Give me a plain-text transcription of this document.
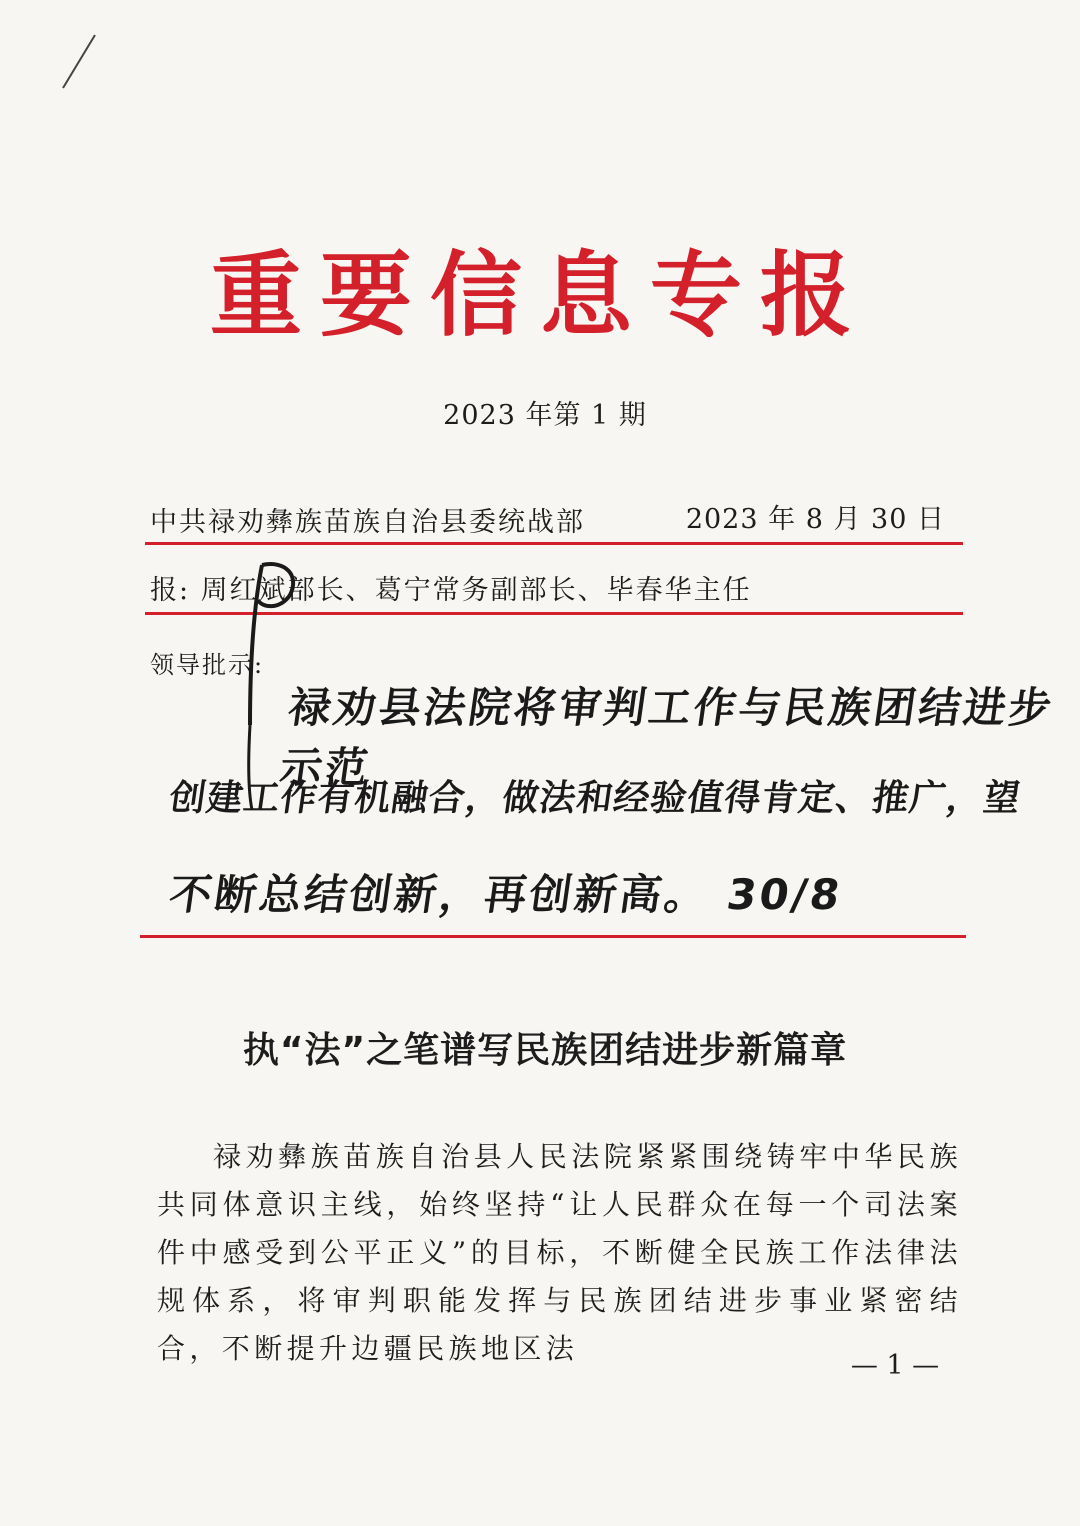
重要信息专报
2023 年第 1 期
中共禄劝彝族苗族自治县委统战部	2023 年 8 月 30 日
报: 周红斌部长、葛宁常务副部长、毕春华主任
领导批示:
禄劝县法院将审判工作与民族团结进步示范
创建工作有机融合，做法和经验值得肯定、推广，望
不断总结创新，再创新高。 30/8
执“法”之笔谱写民族团结进步新篇章
禄劝彝族苗族自治县人民法院紧紧围绕铸牢中华民族共同体意识主线，始终坚持“让人民群众在每一个司法案件中感受到公平正义”的目标，不断健全民族工作法律法规体系，将审判职能发挥与民族团结进步事业紧密结合，不断提升边疆民族地区法
— 1 —
